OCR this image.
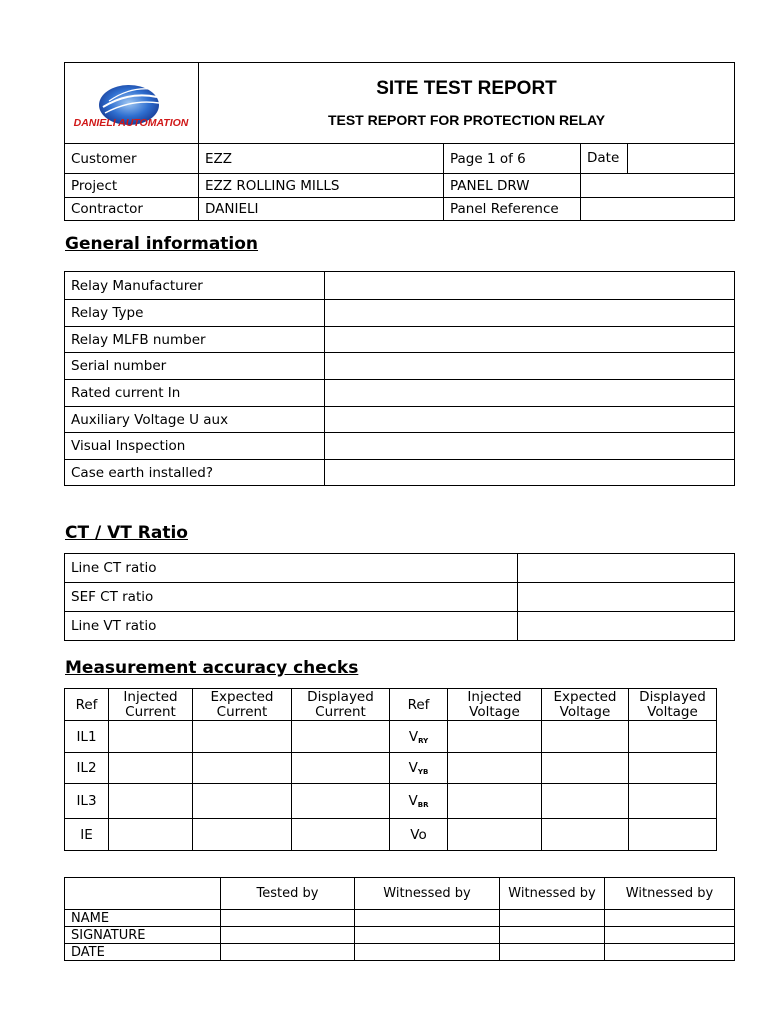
DANIELI AUTOMATION	SITE TEST REPORT
TEST REPORT FOR PROTECTION RELAY			

Customer	EZZ	Page 1 of 6	Date	
Project	EZZ ROLLING MILLS	PANEL DRW		
Contractor	DANIELI	Panel Reference		
General information
Relay Manufacturer	
Relay Type	
Relay MLFB number	
Serial number	
Rated current In	
Auxiliary Voltage U aux	
Visual Inspection	
Case earth installed?	
CT / VT Ratio
Line CT ratio	
SEF CT ratio	
Line VT ratio	
Measurement accuracy checks
Ref	Injected Current	Expected Current	Displayed Current	Ref	Injected Voltage	Expected Voltage	Displayed Voltage
IL1				$V_{RY}$			
IL2				$V_{YB}$			
IL3				$V_{BR}$			
IE				Vo			
	Tested by	Witnessed by	Witnessed by	Witnessed by
NAME				
SIGNATURE				
DATE				
